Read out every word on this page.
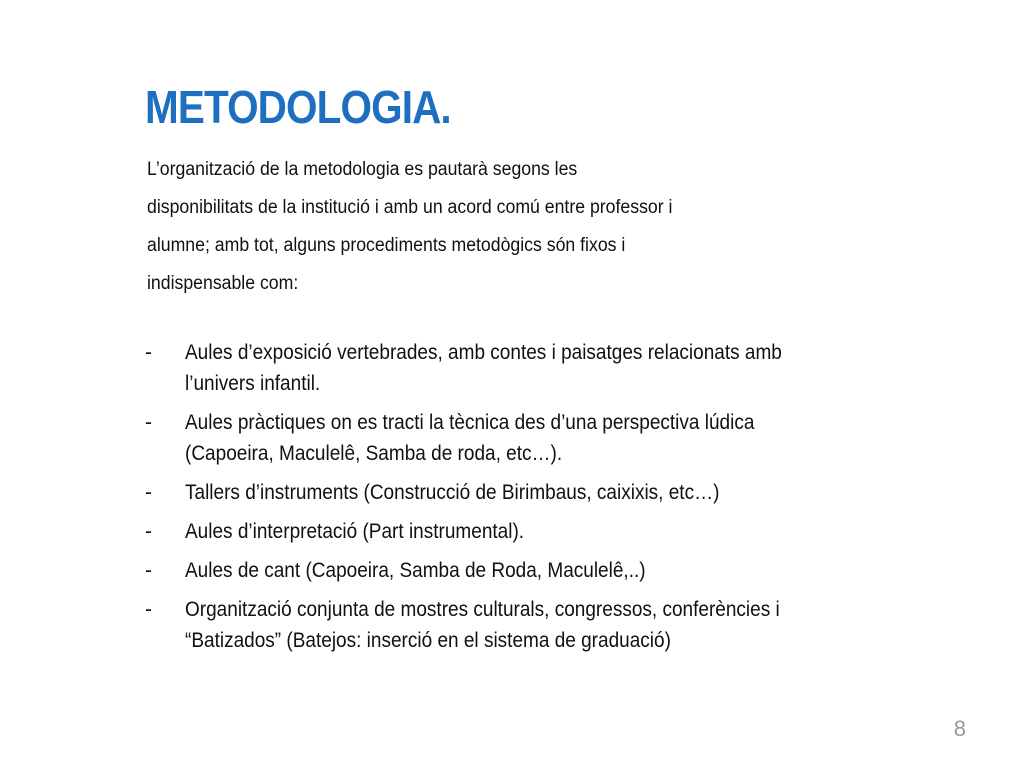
METODOLOGIA.

L’organització de la metodologia es pautarà segons les
disponibilitats de la institució i amb un acord comú entre professor i
alumne; amb tot, alguns procediments metodògics són fixos i
indispensable com:

- Aules d’exposició vertebrades, amb contes i paisatges relacionats amb
l’univers infantil.
- Aules pràctiques on es tracti la tècnica des d’una perspectiva lúdica
(Capoeira, Maculelê, Samba de roda, etc…).
- Tallers d’instruments (Construcció de Birimbaus, caixixis, etc…)
- Aules d’interpretació (Part instrumental).
- Aules de cant (Capoeira, Samba de Roda, Maculelê,..)
- Organització conjunta de mostres culturals, congressos, conferències i
“Batizados” (Batejos: inserció en el sistema de graduació)
8
